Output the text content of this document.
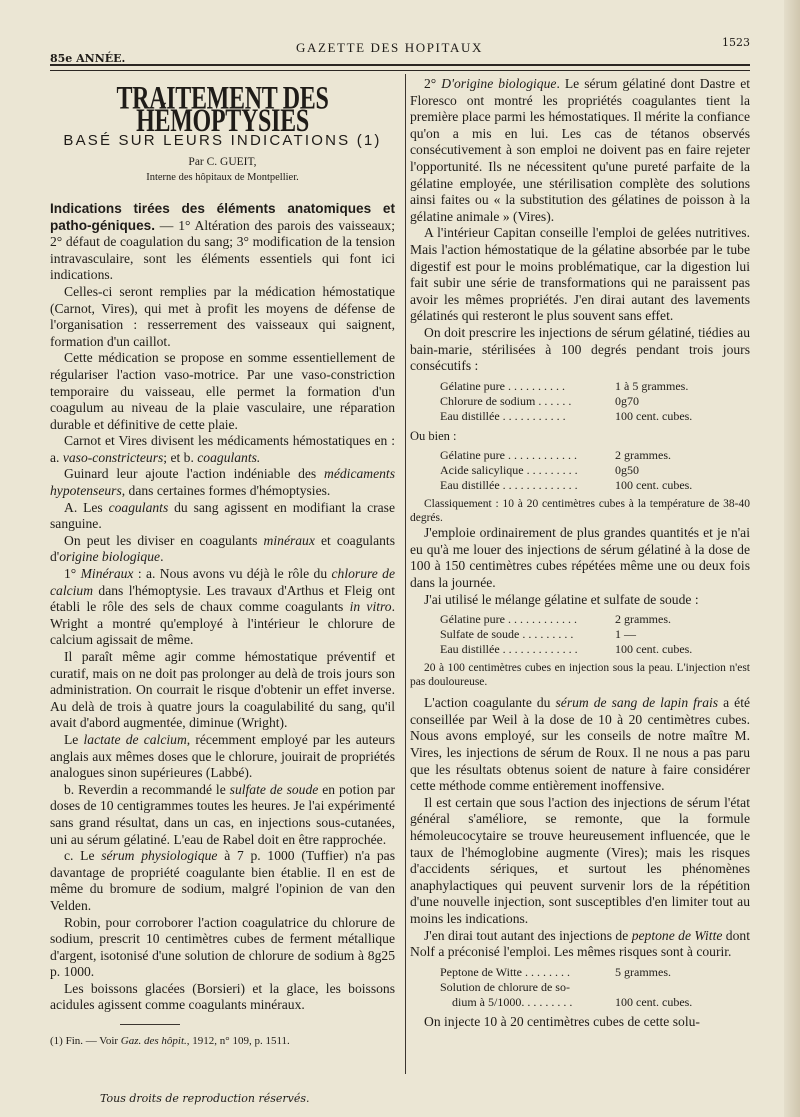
85e ANNÉE.
GAZETTE DES HOPITAUX	1523
TRAITEMENT DES HÉMOPTYSIES
BASÉ SUR LEURS INDICATIONS (1)
Par C. GUEIT,
Interne des hôpitaux de Montpellier.

Indications tirées des éléments anatomiques et patho-géniques. — 1° Altération des parois des vaisseaux; 2° défaut de coagulation du sang; 3° modification de la tension intravasculaire, sont les éléments essentiels qui font ici indications.

Celles-ci seront remplies par la médication hémostatique (Carnot, Vires), qui met à profit les moyens de défense de l'organisation : resserrement des vaisseaux qui saignent, formation d'un caillot.

Cette médication se propose en somme essentiellement de régulariser l'action vaso-motrice. Par une vaso-constriction temporaire du vaisseau, elle permet la formation d'un coagulum au niveau de la plaie vasculaire, une réparation durable et définitive de cette plaie.

Carnot et Vires divisent les médicaments hémostatiques en : a. vaso-constricteurs; et b. coagulants.

Guinard leur ajoute l'action indéniable des médicaments hypotenseurs, dans certaines formes d'hémoptysies.

A. Les coagulants du sang agissent en modifiant la crase sanguine.

On peut les diviser en coagulants minéraux et coagulants d'origine biologique.

1° Minéraux : a. Nous avons vu déjà le rôle du chlorure de calcium dans l'hémoptysie. Les travaux d'Arthus et Fleig ont établi le rôle des sels de chaux comme coagulants in vitro. Wright a montré qu'employé à l'intérieur le chlorure de calcium agissait de même.

Il paraît même agir comme hémostatique préventif et curatif, mais on ne doit pas prolonger au delà de trois jours son administration. On courrait le risque d'obtenir un effet inverse. Au delà de trois à quatre jours la coagulabilité du sang, qu'il avait d'abord augmentée, diminue (Wright).

Le lactate de calcium, récemment employé par les auteurs anglais aux mêmes doses que le chlorure, jouirait de propriétés analogues sinon supérieures (Labbé).

b. Reverdin a recommandé le sulfate de soude en potion par doses de 10 centigrammes toutes les heures. Je l'ai expérimenté sans grand résultat, dans un cas, en injections sous-cutanées, uni au sérum gélatiné. L'eau de Rabel doit en être rapprochée.

c. Le sérum physiologique à 7 p. 1000 (Tuffier) n'a pas davantage de propriété coagulante bien établie. Il en est de même du bromure de sodium, malgré l'opinion de van den Velden.

Robin, pour corroborer l'action coagulatrice du chlorure de sodium, prescrit 10 centimètres cubes de ferment métallique d'argent, isotonisé d'une solution de chlorure de sodium à 8g25 p. 1000.

Les boissons glacées (Borsieri) et la glace, les boissons acidules agissent comme coagulants minéraux.

(1) Fin. — Voir Gaz. des hôpit., 1912, n° 109, p. 1511.

2° D'origine biologique. Le sérum gélatiné dont Dastre et Floresco ont montré les propriétés coagulantes tient la première place parmi les hémostatiques. Il mérite la confiance qu'on a mis en lui. Les cas de tétanos observés consécutivement à son emploi ne doivent pas en faire rejeter l'opportunité. Ils ne nécessitent qu'une pureté parfaite de la gélatine employée, une stérilisation complète des solutions ainsi faites ou « la substitution des gélatines de poisson à la gélatine animale » (Vires).

A l'intérieur Capitan conseille l'emploi de gelées nutritives. Mais l'action hémostatique de la gélatine absorbée par le tube digestif est pour le moins problématique, car la digestion lui fait subir une série de transformations qui ne paraissent pas avoir les mêmes propriétés. J'en dirai autant des lavements gélatinés qui resteront le plus souvent sans effet.

On doit prescrire les injections de sérum gélatiné, tiédies au bain-marie, stérilisées à 100 degrés pendant trois jours consécutifs :

Gélatine pure . . . . . . . . . .	1 à 5 grammes.
Chlorure de sodium . . . . . .	0g70
Eau distillée . . . . . . . . . . .	100 cent. cubes.

Ou bien :

Gélatine pure . . . . . . . . . . . .	2 grammes.
Acide salicylique . . . . . . . . .	0g50
Eau distillée . . . . . . . . . . . . .	100 cent. cubes.

Classiquement : 10 à 20 centimètres cubes à la température de 38-40 degrés.

J'emploie ordinairement de plus grandes quantités et je n'ai eu qu'à me louer des injections de sérum gélatiné à la dose de 100 à 150 centimètres cubes répétées même une ou deux fois dans la journée.

J'ai utilisé le mélange gélatine et sulfate de soude :

Gélatine pure . . . . . . . . . . . .	2 grammes.
Sulfate de soude . . . . . . . . .	1 —
Eau distillée . . . . . . . . . . . . .	100 cent. cubes.

20 à 100 centimètres cubes en injection sous la peau. L'injection n'est pas douloureuse.

L'action coagulante du sérum de sang de lapin frais a été conseillée par Weil à la dose de 10 à 20 centimètres cubes. Nous avons employé, sur les conseils de notre maître M. Vires, les injections de sérum de Roux. Il ne nous a pas paru que les résultats obtenus soient de nature à faire considérer cette méthode comme entièrement inoffensive.

Il est certain que sous l'action des injections de sérum l'état général s'améliore, se remonte, que la formule hémoleucocytaire se trouve heureusement influencée, que le taux de l'hémoglobine augmente (Vires); mais les risques d'accidents sériques, et surtout les phénomènes anaphylactiques qui peuvent survenir lors de la répétition d'une nouvelle injection, sont susceptibles d'en limiter tout au moins les indications.

J'en dirai tout autant des injections de peptone de Witte dont Nolf a préconisé l'emploi. Les mêmes risques sont à courir.

Peptone de Witte . . . . . . . .	5 grammes.
Solution de chlorure de so-
dium à 5/1000. . . . . . . . .	100 cent. cubes.

On injecte 10 à 20 centimètres cubes de cette solu-

Tous droits de reproduction réservés.
